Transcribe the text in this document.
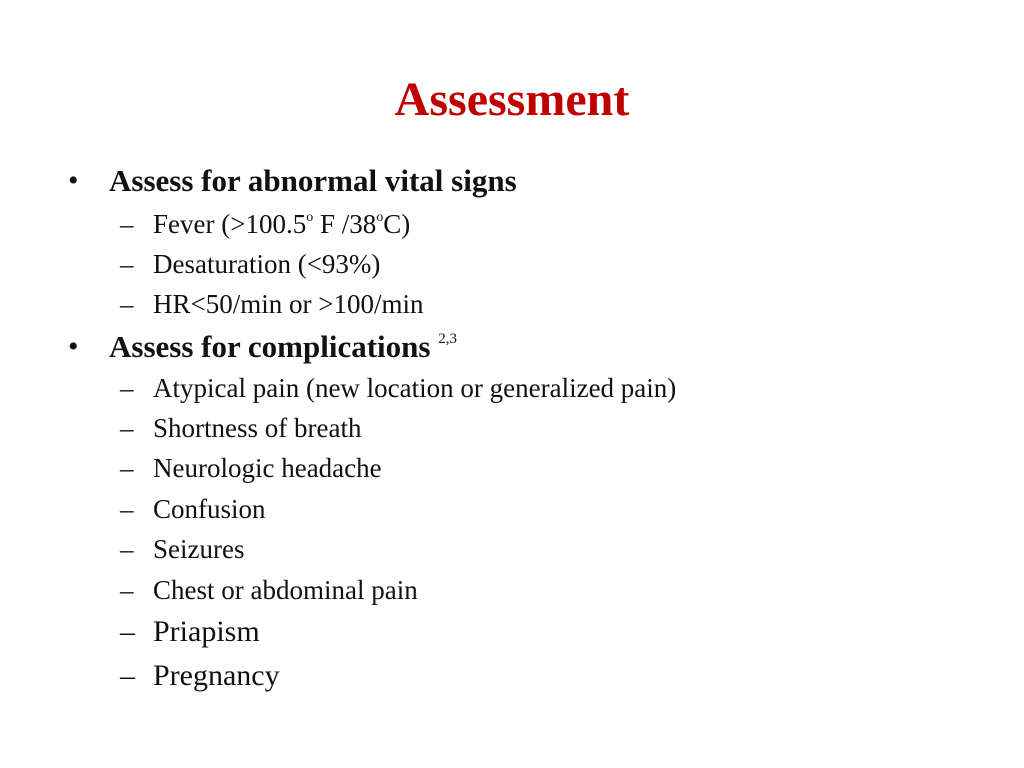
Assessment
• Assess for abnormal vital signs
– Fever ($>100.5^o$ F /38$^o$C)
– Desaturation (<93%)
– HR<50/min or >100/min
• Assess for complications $^{2,3}$
– Atypical pain (new location or generalized pain)
– Shortness of breath
– Neurologic headache
– Confusion
– Seizures
– Chest or abdominal pain
– Priapism
– Pregnancy
